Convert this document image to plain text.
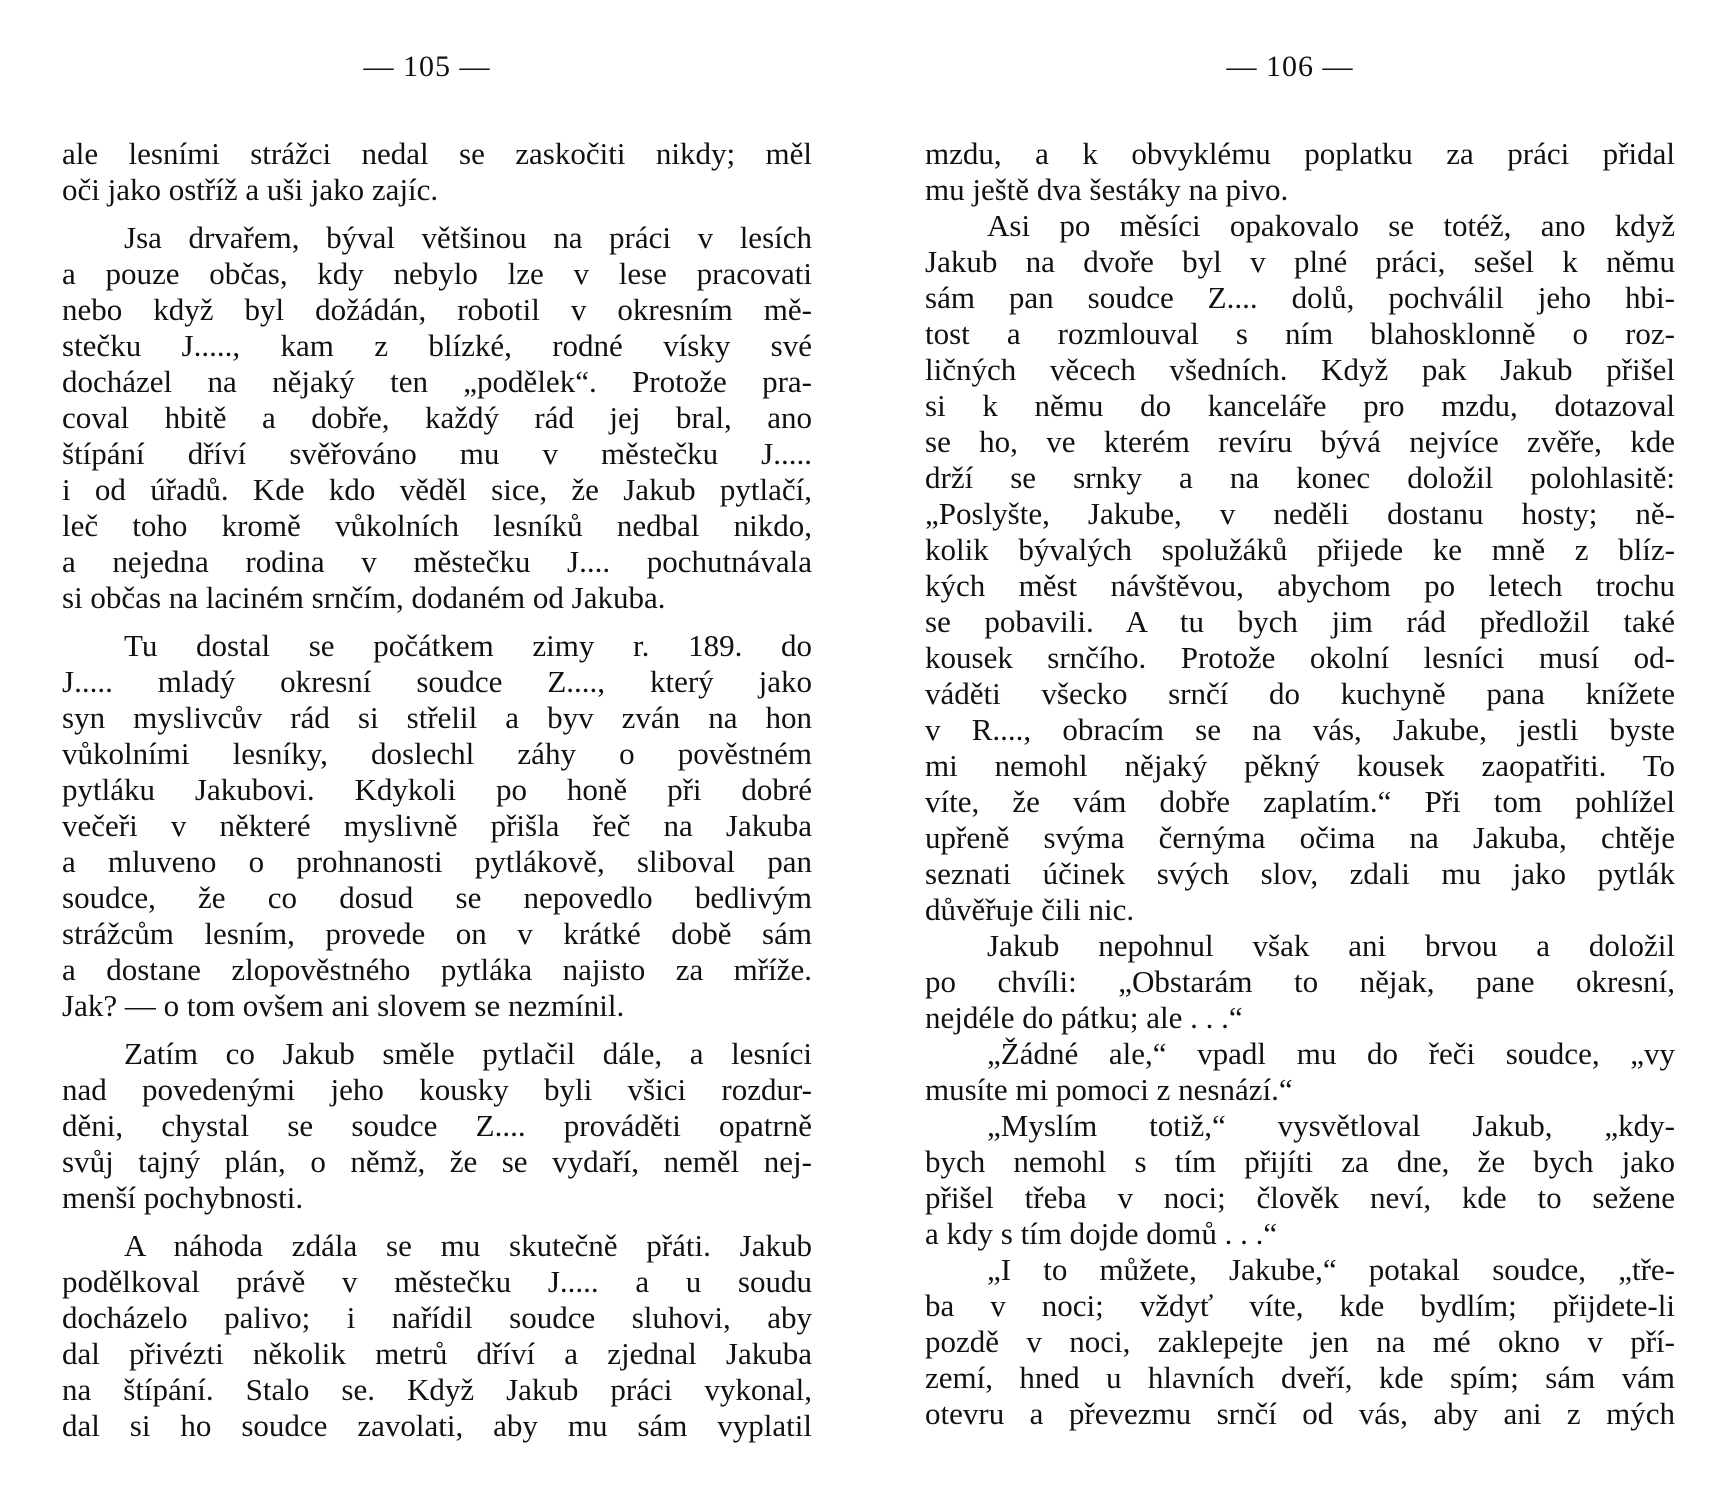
— 105 —
ale lesními strážci nedal se zaskočiti nikdy; měl
oči jako ostříž a uši jako zajíc.
Jsa drvařem, býval většinou na práci v lesích
a pouze občas, kdy nebylo lze v lese pracovati
nebo když byl dožádán, robotil v okresním mě-
stečku J....., kam z blízké, rodné vísky své
docházel na nějaký ten „podělek“. Protože pra-
coval hbitě a dobře, každý rád jej bral, ano
štípání dříví svěřováno mu v městečku J.....
i od úřadů. Kde kdo věděl sice, že Jakub pytlačí,
leč toho kromě vůkolních lesníků nedbal nikdo,
a nejedna rodina v městečku J.... pochutnávala
si občas na laciném srnčím, dodaném od Jakuba.
Tu dostal se počátkem zimy r. 189. do
J..... mladý okresní soudce Z...., který jako
syn myslivcův rád si střelil a byv zván na hon
vůkolními lesníky, doslechl záhy o pověstném
pytláku Jakubovi. Kdykoli po honě při dobré
večeři v některé myslivně přišla řeč na Jakuba
a mluveno o prohnanosti pytlákově, sliboval pan
soudce, že co dosud se nepovedlo bedlivým
strážcům lesním, provede on v krátké době sám
a dostane zlopověstného pytláka najisto za mříže.
Jak? — o tom ovšem ani slovem se nezmínil.
Zatím co Jakub směle pytlačil dále, a lesníci
nad povedenými jeho kousky byli všici rozdur-
děni, chystal se soudce Z.... prováděti opatrně
svůj tajný plán, o němž, že se vydaří, neměl nej-
menší pochybnosti.
A náhoda zdála se mu skutečně přáti. Jakub
podělkoval právě v městečku J..... a u soudu
docházelo palivo; i nařídil soudce sluhovi, aby
dal přivézti několik metrů dříví a zjednal Jakuba
na štípání. Stalo se. Když Jakub práci vykonal,
dal si ho soudce zavolati, aby mu sám vyplatil
— 106 —
mzdu, a k obvyklému poplatku za práci přidal
mu ještě dva šestáky na pivo.
Asi po měsíci opakovalo se totéž, ano když
Jakub na dvoře byl v plné práci, sešel k němu
sám pan soudce Z.... dolů, pochválil jeho hbi-
tost a rozmlouval s ním blahosklonně o roz-
ličných věcech všedních. Když pak Jakub přišel
si k němu do kanceláře pro mzdu, dotazoval
se ho, ve kterém revíru bývá nejvíce zvěře, kde
drží se srnky a na konec doložil polohlasitě:
„Poslyšte, Jakube, v neděli dostanu hosty; ně-
kolik bývalých spolužáků přijede ke mně z blíz-
kých měst návštěvou, abychom po letech trochu
se pobavili. A tu bych jim rád předložil také
kousek srnčího. Protože okolní lesníci musí od-
váděti všecko srnčí do kuchyně pana knížete
v R...., obracím se na vás, Jakube, jestli byste
mi nemohl nějaký pěkný kousek zaopatřiti. To
víte, že vám dobře zaplatím.“ Při tom pohlížel
upřeně svýma černýma očima na Jakuba, chtěje
seznati účinek svých slov, zdali mu jako pytlák
důvěřuje čili nic.
Jakub nepohnul však ani brvou a doložil
po chvíli: „Obstarám to nějak, pane okresní,
nejdéle do pátku; ale . . .“
„Žádné ale,“ vpadl mu do řeči soudce, „vy
musíte mi pomoci z nesnází.“
„Myslím totiž,“ vysvětloval Jakub, „kdy-
bych nemohl s tím přijíti za dne, že bych jako
přišel třeba v noci; člověk neví, kde to sežene
a kdy s tím dojde domů . . .“
„I to můžete, Jakube,“ potakal soudce, „tře-
ba v noci; vždyť víte, kde bydlím; přijdete-li
pozdě v noci, zaklepejte jen na mé okno v pří-
zemí, hned u hlavních dveří, kde spím; sám vám
otevru a převezmu srnčí od vás, aby ani z mých
